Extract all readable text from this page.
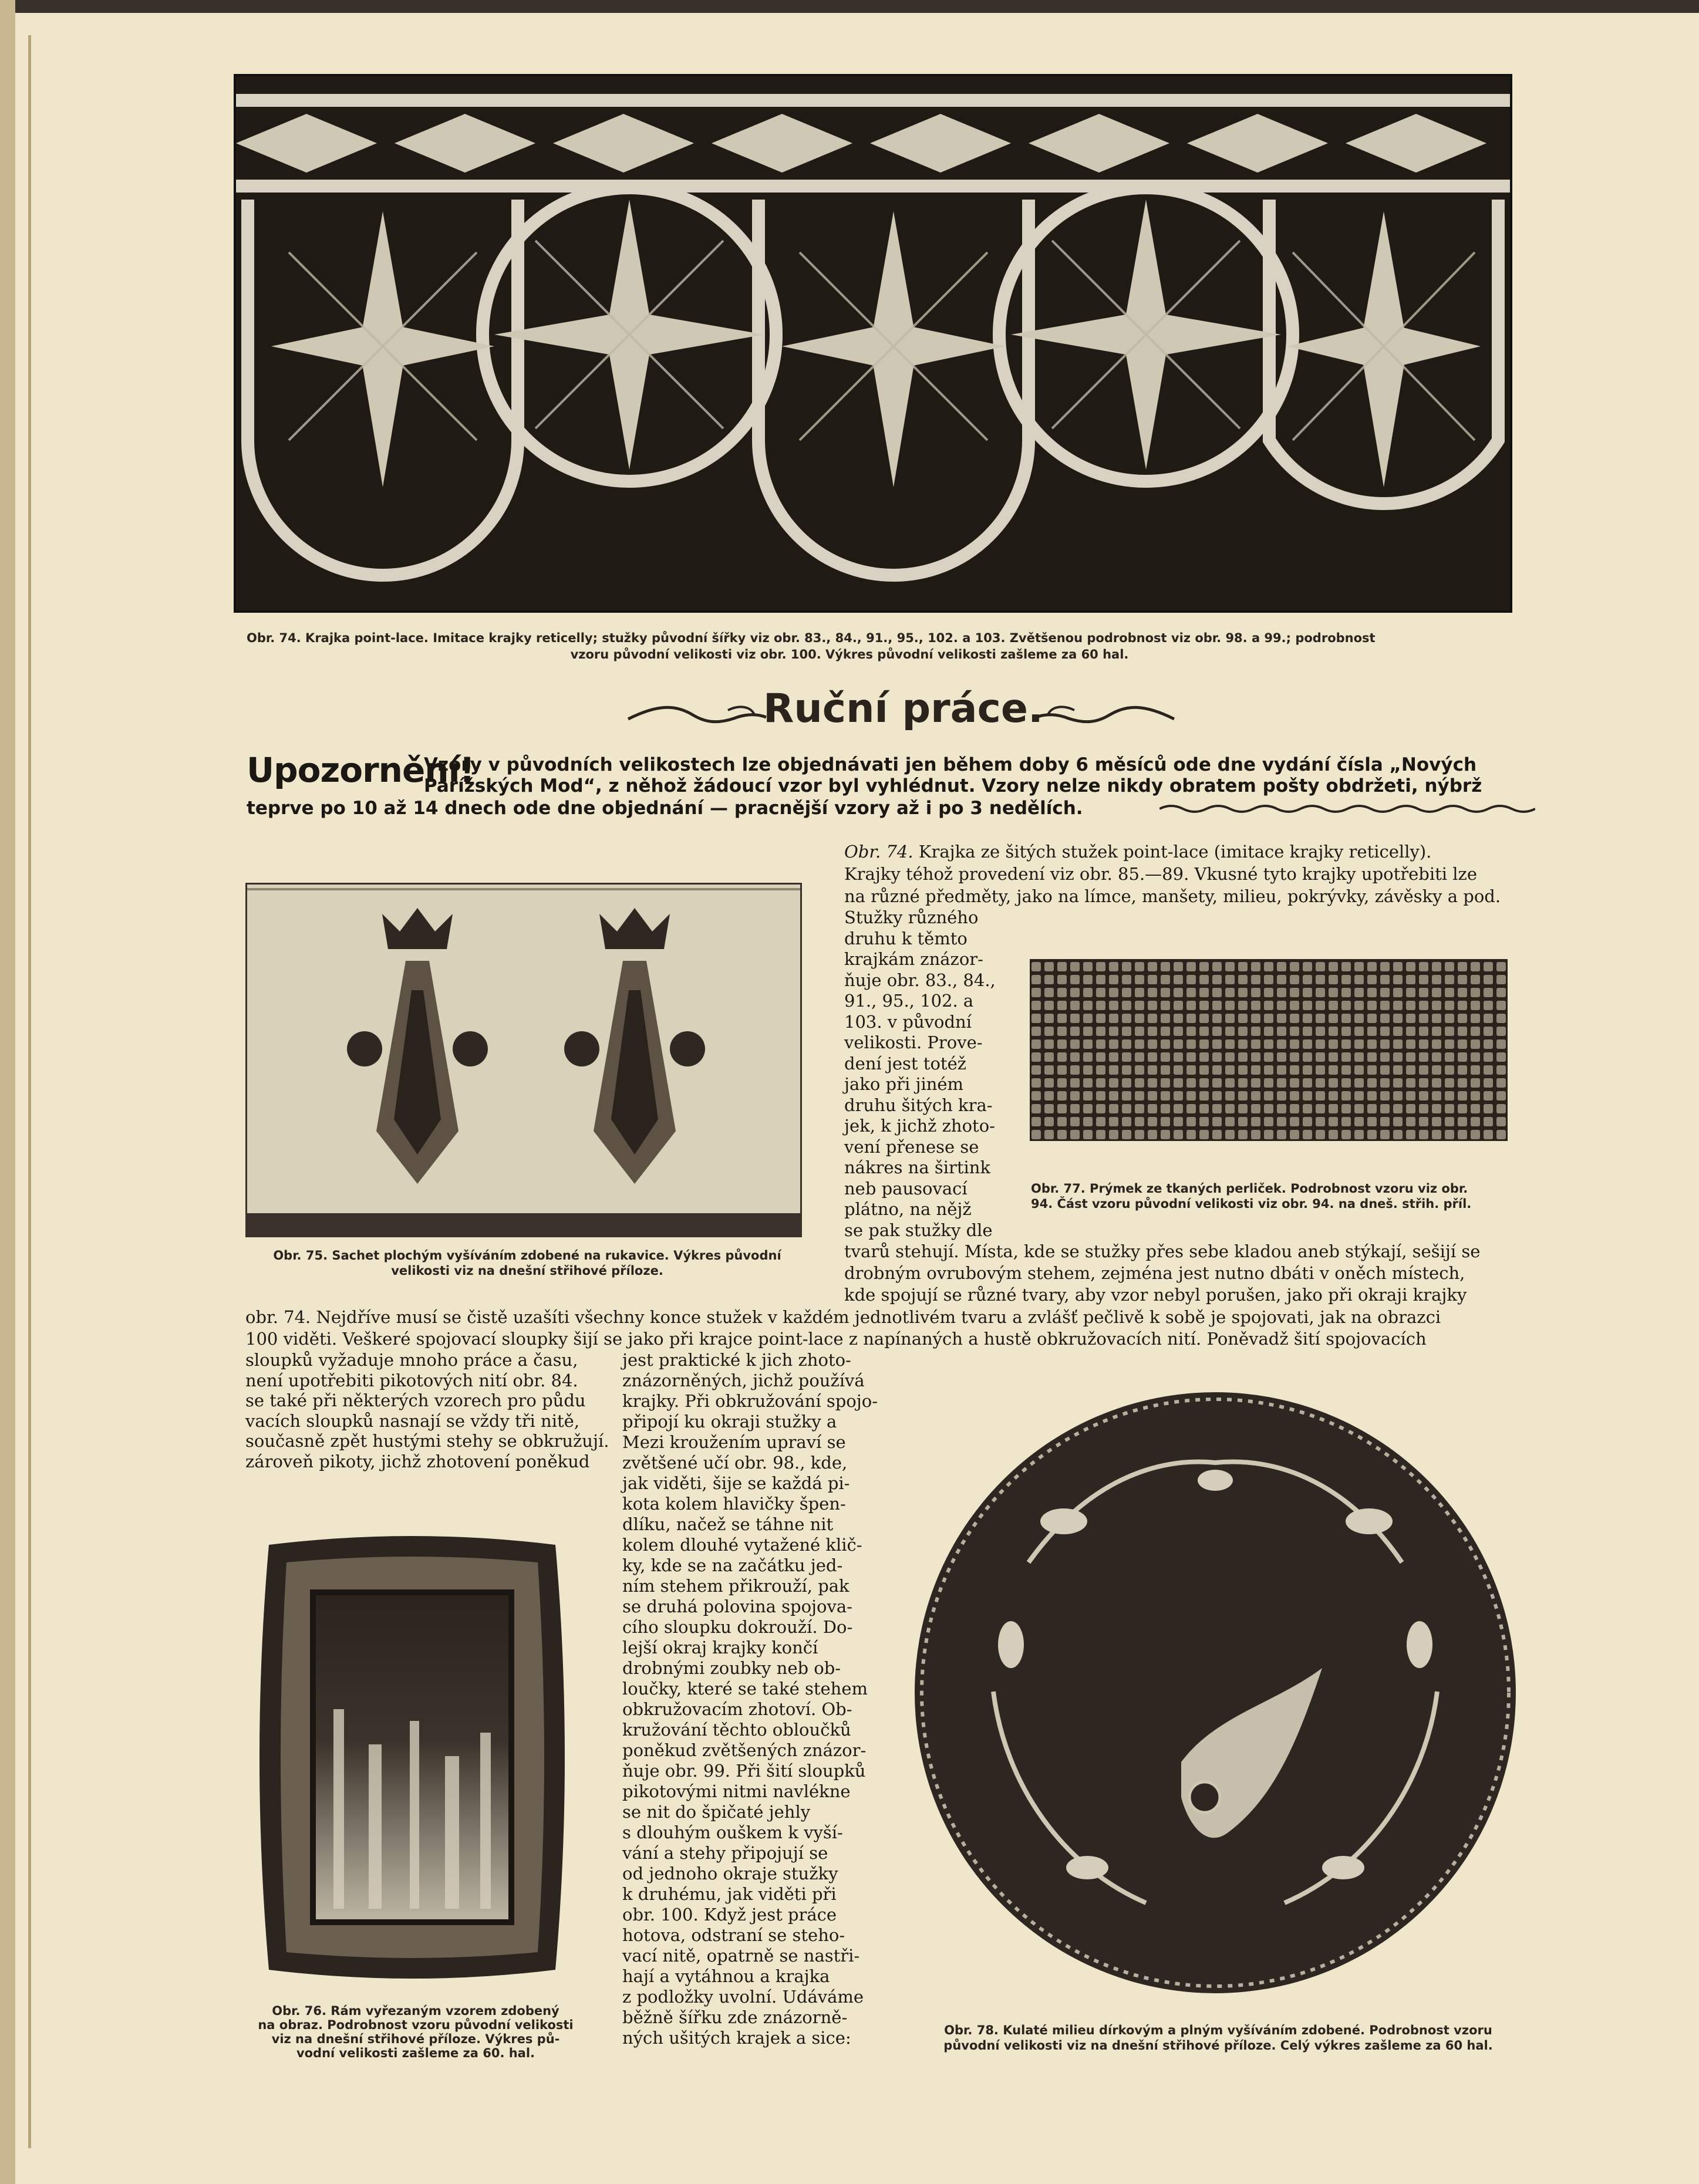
Obr. 74. Krajka point-lace. Imitace krajky reticelly; stužky původní šířky viz obr. 83., 84., 91., 95., 102. a 103. Zvětšenou podrobnost viz obr. 98. a 99.; podrobnost
vzoru původní velikosti viz obr. 100. Výkres původní velikosti zašleme za 60 hal.
Ruční práce.
Upozornění!
Vzory v původních velikostech lze objednávati jen během doby 6 měsíců ode dne vydání čísla „Nových
Pařížských Mod“, z něhož žádoucí vzor byl vyhlédnut. Vzory nelze nikdy obratem pošty obdržeti, nýbrž
teprve po 10 až 14 dnech ode dne objednání — pracnější vzory až i po 3 nedělích.
Obr. 75. Sachet plochým vyšíváním zdobené na rukavice. Výkres původní
velikosti viz na dnešní střihové příloze.
Obr. 74. Krajka ze šitých stužek point-lace (imitace krajky reticelly).
Krajky téhož provedení viz obr. 85.—89. Vkusné tyto krajky upotřebiti lze
na různé předměty, jako na límce, manšety, milieu, pokrývky, závěsky a pod.
Stužky různého
druhu k těmto
krajkám znázor-
ňuje obr. 83., 84.,
91., 95., 102. a
103. v původní
velikosti. Prove-
dení jest totéž
jako při jiném
druhu šitých kra-
jek, k jichž zhoto-
vení přenese se
nákres na širtink
neb pausovací
plátno, na nějž
se pak stužky dle
Obr. 77. Prýmek ze tkaných perliček. Podrobnost vzoru viz obr.
94. Část vzoru původní velikosti viz obr. 94. na dneš. střih. příl.
tvarů stehují. Místa, kde se stužky přes sebe kladou aneb stýkají, sešijí se
drobným ovrubovým stehem, zejména jest nutno dbáti v oněch místech,
kde spojují se různé tvary, aby vzor nebyl porušen, jako při okraji krajky
obr. 74. Nejdříve musí se čistě uzašíti všechny konce stužek v každém jednotlivém tvaru a zvlášť pečlivě k sobě je spojovati, jak na obrazci
100 viděti. Veškeré spojovací sloupky šijí se jako při krajce point-lace z napínaných a hustě obkružovacích nití. Poněvadž šití spojovacích
sloupků vyžaduje mnoho práce a času,
není upotřebiti pikotových nití obr. 84.
se také při některých vzorech pro půdu
vacích sloupků nasnají se vždy tři nitě,
současně zpět hustými stehy se obkružují.
zároveň pikoty, jichž zhotovení poněkud
jest praktické k jich zhoto-
znázorněných, jichž používá
krajky. Při obkružování spojo-
připojí ku okraji stužky a
Mezi kroužením upraví se
zvětšené učí obr. 98., kde,
jak viděti, šije se každá pi-
kota kolem hlavičky špen-
dlíku, načež se táhne nit
kolem dlouhé vytažené klič-
ky, kde se na začátku jed-
ním stehem přikrouží, pak
se druhá polovina spojova-
cího sloupku dokrouží. Do-
lejší okraj krajky končí
drobnými zoubky neb ob-
loučky, které se také stehem
obkružovacím zhotoví. Ob-
kružování těchto obloučků
poněkud zvětšených znázor-
ňuje obr. 99. Při šití sloupků
pikotovými nitmi navlékne
se nit do špičaté jehly
s dlouhým ouškem k vyší-
vání a stehy připojují se
od jednoho okraje stužky
k druhému, jak viděti při
obr. 100. Když jest práce
hotova, odstraní se steho-
vací nitě, opatrně se nastři-
hají a vytáhnou a krajka
z podložky uvolní. Udáváme
běžně šířku zde znázorně-
ných ušitých krajek a sice:
Obr. 76. Rám vyřezaným vzorem zdobený
na obraz. Podrobnost vzoru původní velikosti
viz na dnešní střihové příloze. Výkres pů-
vodní velikosti zašleme za 60. hal.
Obr. 78. Kulaté milieu dírkovým a plným vyšíváním zdobené. Podrobnost vzoru
původní velikosti viz na dnešní střihové příloze. Celý výkres zašleme za 60 hal.
